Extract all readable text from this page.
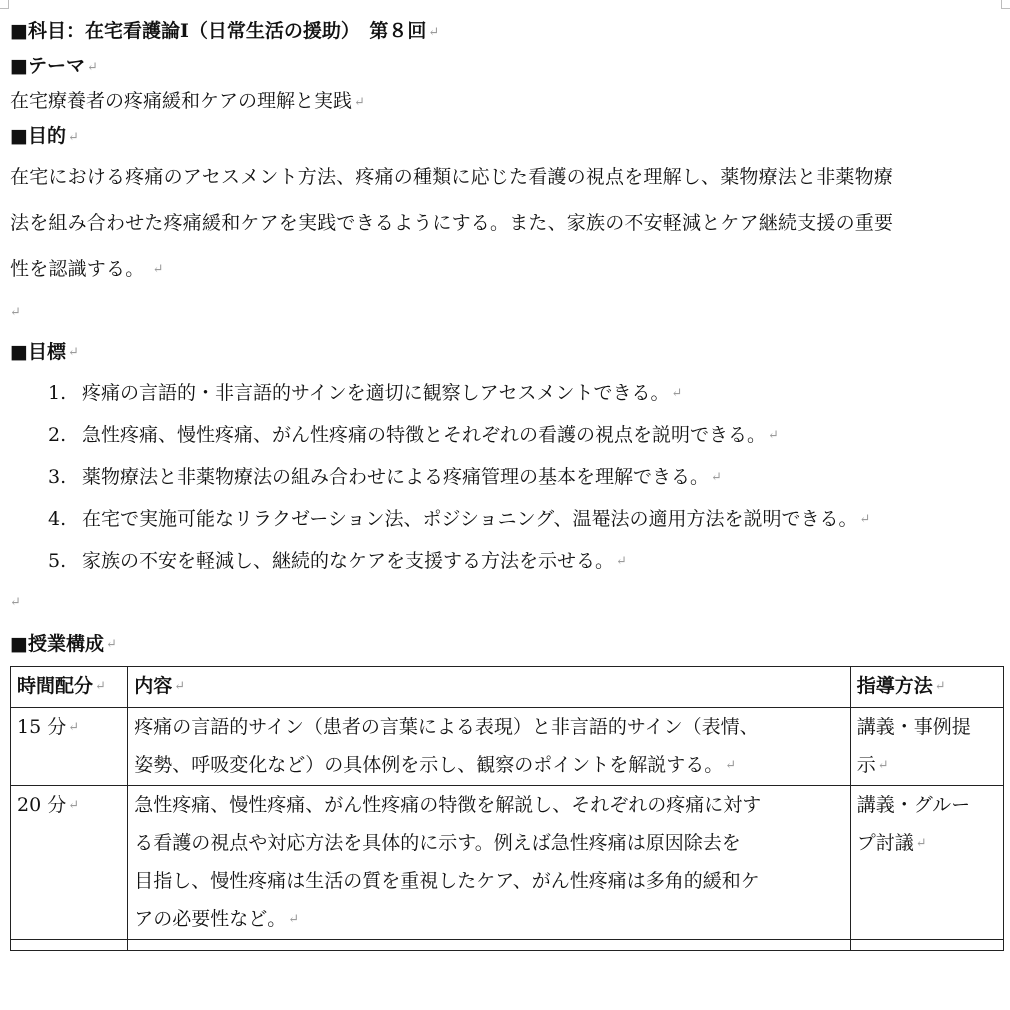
■科目：在宅看護論Ⅰ（日常生活の援助）　第８回 ↵
■テーマ ↵
在宅療養者の疼痛緩和ケアの理解と実践 ↵
■目的 ↵
在宅における疼痛のアセスメント方法、疼痛の種類に応じた看護の視点を理解し、薬物療法と非薬物療
法を組み合わせた疼痛緩和ケアを実践できるようにする。また、家族の不安軽減とケア継続支援の重要
性を認識する。 ↵
↵
■目標 ↵
1. 疼痛の言語的・非言語的サインを適切に観察しアセスメントできる。 ↵
2. 急性疼痛、慢性疼痛、がん性疼痛の特徴とそれぞれの看護の視点を説明できる。 ↵
3. 薬物療法と非薬物療法の組み合わせによる疼痛管理の基本を理解できる。 ↵
4. 在宅で実施可能なリラクゼーション法、ポジショニング、温罨法の適用方法を説明できる。 ↵
5. 家族の不安を軽減し、継続的なケアを支援する方法を示せる。 ↵
↵
■授業構成 ↵
時間配分 ↵	内容 ↵	指導方法 ↵
15 分 ↵	疼痛の言語的サイン（患者の言葉による表現）と非言語的サイン（表情、
姿勢、呼吸変化など）の具体例を示し、観察のポイントを解説する。 ↵	講義・事例提
示 ↵

20 分 ↵	急性疼痛、慢性疼痛、がん性疼痛の特徴を解説し、それぞれの疼痛に対す
る看護の視点や対応方法を具体的に示す。例えば急性疼痛は原因除去を
目指し、慢性疼痛は生活の質を重視したケア、がん性疼痛は多角的緩和ケ
アの必要性など。 ↵	講義・グルー
プ討議 ↵
